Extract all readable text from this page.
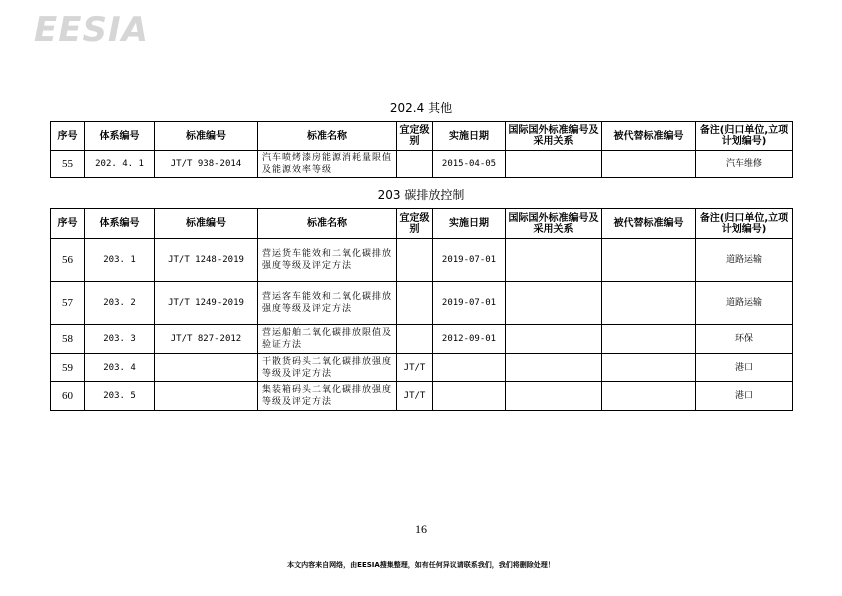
EESIA
202.4 其他
序号	体系编号	标准编号	标准名称	宜定级别	实施日期	国际国外标准编号及采用关系	被代替标准编号	备注(归口单位,立项计划编号)
55	202. 4. 1	JT/T 938-2014	汽车喷烤漆房能源消耗量限值及能源效率等级		2015-04-05			汽车维修
203 碳排放控制
序号	体系编号	标准编号	标准名称	宜定级别	实施日期	国际国外标准编号及采用关系	被代替标准编号	备注(归口单位,立项计划编号)
56	203. 1	JT/T 1248-2019	营运货车能效和二氧化碳排放强度等级及评定方法		2019-07-01			道路运输
57	203. 2	JT/T 1249-2019	营运客车能效和二氧化碳排放强度等级及评定方法		2019-07-01			道路运输
58	203. 3	JT/T 827-2012	营运船舶二氧化碳排放限值及验证方法		2012-09-01			环保
59	203. 4		干散货码头二氧化碳排放强度等级及评定方法	JT/T				港口
60	203. 5		集装箱码头二氧化碳排放强度等级及评定方法	JT/T				港口
16
本文内容来自网络，由EESIA搜集整理，如有任何异议请联系我们，我们将删除处理！
